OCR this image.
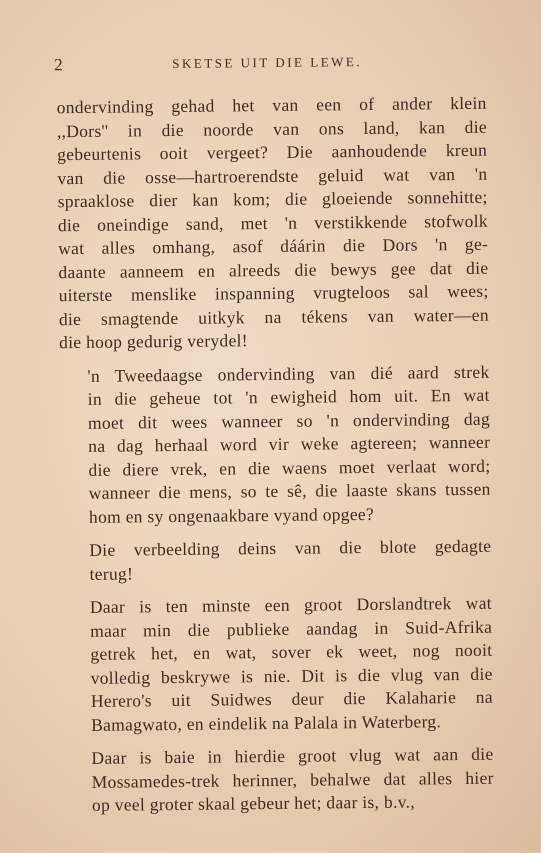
2	SKETSE UIT DIE LEWE.

ondervinding gehad het van een of ander klein
,,Dors'' in die noorde van ons land, kan die
gebeurtenis ooit vergeet? Die aanhoudende kreun
van die osse—hartroerendste geluid wat van 'n
spraaklose dier kan kom; die gloeiende sonnehitte;
die oneindige sand, met 'n verstikkende stofwolk
wat alles omhang, asof dáárin die Dors 'n ge-
daante aanneem en alreeds die bewys gee dat die
uiterste menslike inspanning vrugteloos sal wees;
die smagtende uitkyk na tékens van water—en
die hoop gedurig verydel!

'n Tweedaagse ondervinding van dié aard strek
in die geheue tot 'n ewigheid hom uit. En wat
moet dit wees wanneer so 'n ondervinding dag
na dag herhaal word vir weke agtereen; wanneer
die diere vrek, en die waens moet verlaat word;
wanneer die mens, so te sê, die laaste skans tussen
hom en sy ongenaakbare vyand opgee?

Die verbeelding deins van die blote gedagte
terug!

Daar is ten minste een groot Dorslandtrek wat
maar min die publieke aandag in Suid-Afrika
getrek het, en wat, sover ek weet, nog nooit
volledig beskrywe is nie. Dit is die vlug van die
Herero's uit Suidwes deur die Kalaharie na
Bamagwato, en eindelik na Palala in Waterberg.

Daar is baie in hierdie groot vlug wat aan die
Mossamedes-trek herinner, behalwe dat alles hier
op veel groter skaal gebeur het; daar is, b.v.,
